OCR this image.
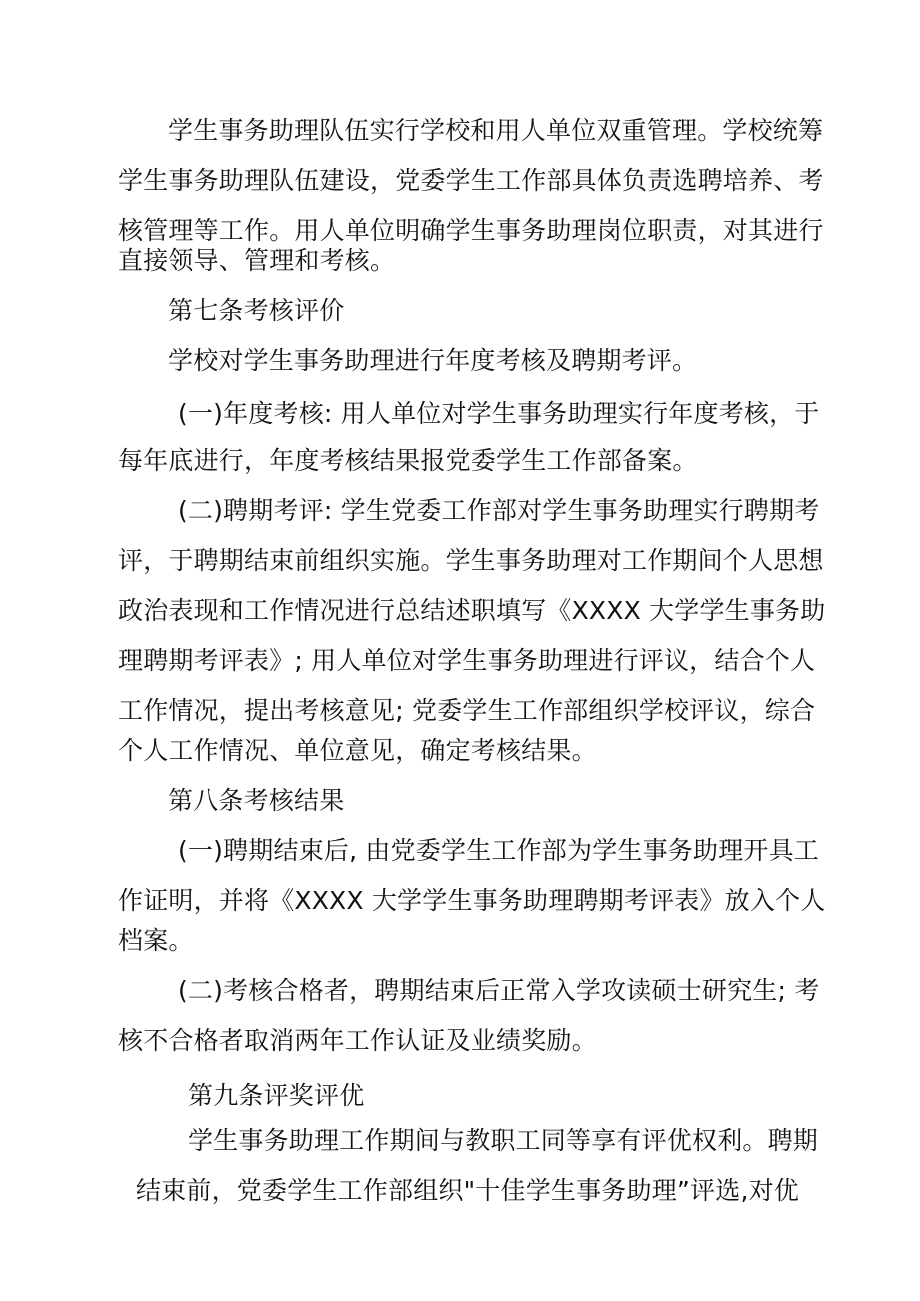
学生事务助理队伍实行学校和用人单位双重管理。学校统筹
学生事务助理队伍建设，党委学生工作部具体负责选聘培养、考
核管理等工作。用人单位明确学生事务助理岗位职责，对其进行
直接领导、管理和考核。
第七条考核评价
学校对学生事务助理进行年度考核及聘期考评。
(一)年度考核: 用人单位对学生事务助理实行年度考核，于
每年底进行，年度考核结果报党委学生工作部备案。
(二)聘期考评: 学生党委工作部对学生事务助理实行聘期考
评，于聘期结束前组织实施。学生事务助理对工作期间个人思想
政治表现和工作情况进行总结述职填写《XXXX 大学学生事务助
理聘期考评表》; 用人单位对学生事务助理进行评议，结合个人
工作情况，提出考核意见; 党委学生工作部组织学校评议，综合
个人工作情况、单位意见，确定考核结果。
第八条考核结果
(一)聘期结束后, 由党委学生工作部为学生事务助理开具工
作证明，并将《XXXX 大学学生事务助理聘期考评表》放入个人
档案。
(二)考核合格者，聘期结束后正常入学攻读硕士研究生; 考
核不合格者取消两年工作认证及业绩奖励。
第九条评奖评优
学生事务助理工作期间与教职工同等享有评优权利。聘期
结束前，党委学生工作部组织"十佳学生事务助理”评选,对优
